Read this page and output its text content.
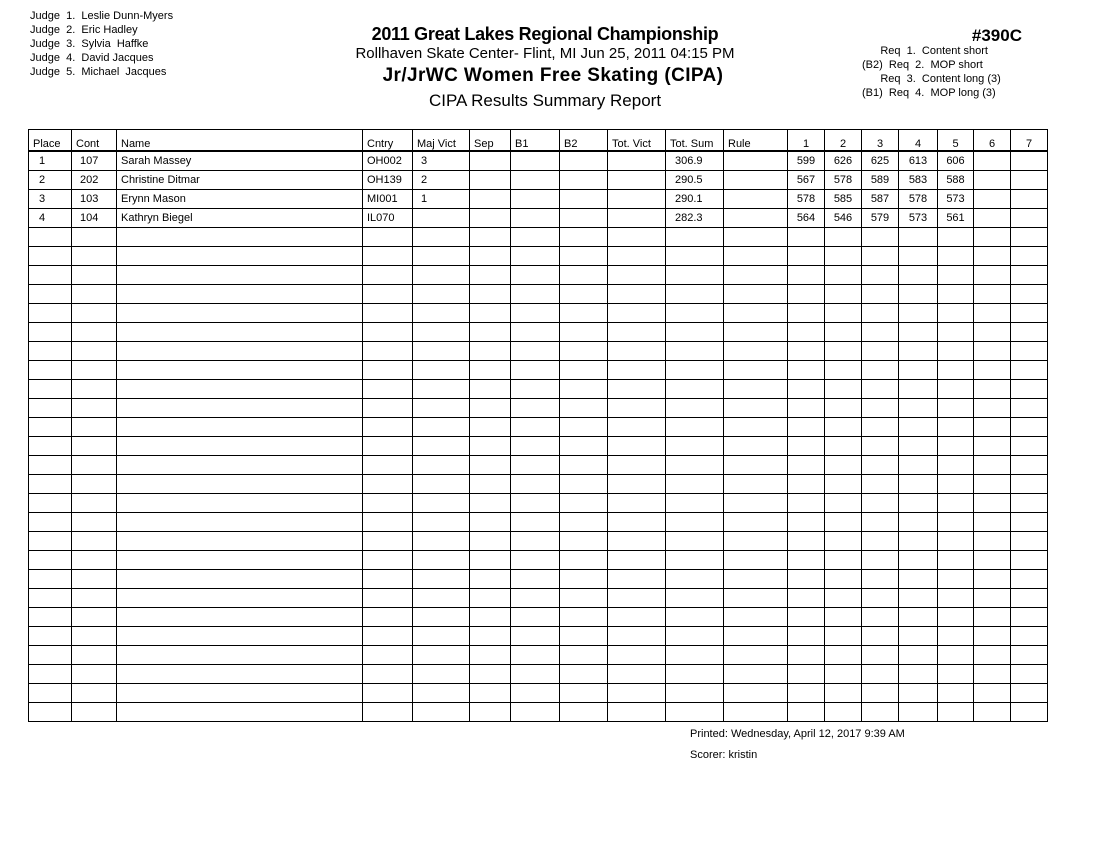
Judge  1.  Leslie Dunn-Myers
Judge  2.  Eric Hadley
Judge  3.  Sylvia  Haffke
Judge  4.  David Jacques
Judge  5.  Michael  Jacques
2011 Great Lakes Regional Championship
Rollhaven Skate Center- Flint, MI Jun 25, 2011 04:15 PM
Jr/JrWC Women Free Skating (CIPA)
CIPA Results Summary Report
#390C
Req  1.  Content short
(B2)  Req  2.  MOP short
Req  3.  Content long (3)
(B1)  Req  4.  MOP long (3)
Place	Cont	Name	Cntry	Maj Vict	Sep	B1	B2	Tot. Vict	Tot. Sum	Rule	1	2	3	4	5	6	7
1	107	Sarah Massey	OH002	3					306.9		599	626	625	613	606		
2	202	Christine Ditmar	OH139	2					290.5		567	578	589	583	588		
3	103	Erynn Mason	MI001	1					290.1		578	585	587	578	573		
4	104	Kathryn Biegel	IL070						282.3		564	546	579	573	561		

Printed: Wednesday, April 12, 2017 9:39 AM
Scorer: kristin
